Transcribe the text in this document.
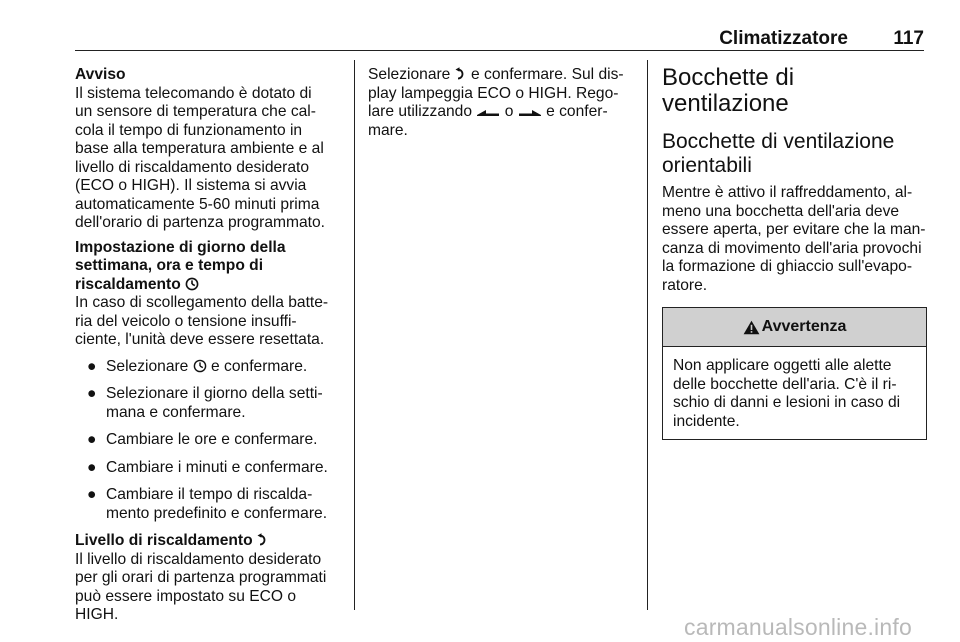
Climatizzatore 117
Avviso
Il sistema telecomando è dotato di
un sensore di temperatura che cal-
cola il tempo di funzionamento in
base alla temperatura ambiente e al
livello di riscaldamento desiderato
(ECO o HIGH). Il sistema si avvia
automaticamente 5-60 minuti prima
dell'orario di partenza programmato.
Impostazione di giorno della
settimana, ora e tempo di
riscaldamento
In caso di scollegamento della batte-
ria del veicolo o tensione insuffi-
ciente, l'unità deve essere resettata.
● Selezionare e confermare.
● Selezionare il giorno della setti-
mana e confermare.
● Cambiare le ore e confermare.
● Cambiare i minuti e confermare.
● Cambiare il tempo di riscalda-
mento predefinito e confermare.
Livello di riscaldamento
Il livello di riscaldamento desiderato
per gli orari di partenza programmati
può essere impostato su ECO o
HIGH.
Selezionare e confermare. Sul dis-
play lampeggia ECO o HIGH. Rego-
lare utilizzando o e confer-
mare.
Bocchette di
ventilazione
Bocchette di ventilazione
orientabili
Mentre è attivo il raffreddamento, al-
meno una bocchetta dell'aria deve
essere aperta, per evitare che la man-
canza di movimento dell'aria provochi
la formazione di ghiaccio sull'evapo-
ratore.
Avvertenza
Non applicare oggetti alle alette
delle bocchette dell'aria. C'è il ri-
schio di danni e lesioni in caso di
incidente.
carmanualsonline.info
